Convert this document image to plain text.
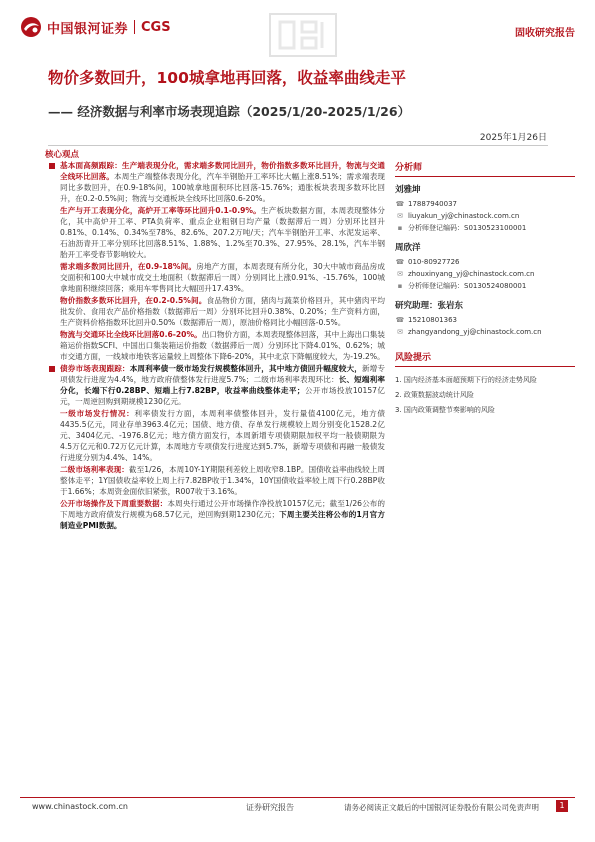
中国银河证券 CGS	固收研究报告
物价多数回升，100城拿地再回落，收益率曲线走平
—— 经济数据与利率市场表现追踪（2025/1/20-2025/1/26）
2025年1月26日
核心观点

基本面高频跟踪：生产端表现分化，需求端多数同比回升，物价指数多数环比回升，物流与交通全线环比回落。本周生产端整体表现分化，汽车半钢胎开工率环比大幅上涨8.51%；需求端表现同比多数回升，在0.9-18%间，100城拿地面积环比回落-15.76%；通胀板块表现多数环比回升，在0.2-0.5%间；物流与交通板块全线环比回落0.6-20%。

生产与开工表现分化，高炉开工率等环比回升0.1-0.9%。生产板块数据方面，本周表现整体分化，其中高炉开工率、PTA负荷率、重点企业粗钢日均产量（数据滞后一周）分别环比回升0.81%、0.14%、0.34%至78%、82.6%、207.2万吨/天；汽车半钢胎开工率、水泥发运率、石油沥青开工率分别环比回落8.51%、1.88%、1.2%至70.3%、27.95%、28.1%，汽车半钢胎开工率受春节影响较大。

需求端多数同比回升，在0.9-18%间。房地产方面，本周表现有所分化，30大中城市商品房成交面积和100大中城市成交土地面积（数据滞后一周）分别同比上涨0.91%、-15.76%，100城拿地面积继续回落；乘用车零售同比大幅回升17.43%。

物价指数多数环比回升，在0.2-0.5%间。食品物价方面，猪肉与蔬菜价格回升，其中猪肉平均批发价、食用农产品价格指数（数据滞后一周）分别环比回升0.38%、0.20%；生产资料方面，生产资料价格指数环比回升0.50%（数据滞后一周），原油价格同比小幅回落-0.5%。

物流与交通环比全线环比回落0.6-20%。出口物价方面，本周表现整体回落，其中上海出口集装箱运价指数SCFI、中国出口集装箱运价指数（数据滞后一周）分别环比下降4.01%、0.62%；城市交通方面，一线城市地铁客运量较上周整体下降6-20%，其中北京下降幅度较大，为-19.2%。

债券市场表现跟踪：本周利率债一级市场发行规模整体回升，其中地方债回升幅度较大，新增专项债发行进度为4.4%，地方政府债整体发行进度5.7%；二级市场利率表现环比：长、短端利率分化，长端下行0.28BP、短端上行7.82BP，收益率曲线整体走平；公开市场投放10157亿元，一周逆回购到期规模1230亿元。

一级市场发行情况：利率债发行方面，本周利率债整体回升，发行量值4100亿元，地方债4435.5亿元，同业存单3963.4亿元；国债、地方债、存单发行规模较上周分别变化1528.2亿元、3404亿元、-1976.8亿元；地方债方面发行，本周新增专项债期限加权平均一般债期限为4.5万亿元和0.72万亿元计算，本周地方专项债发行进度达到5.7%，新增专项债和再融一般债发行进度分别为4.4%、14%。

二级市场利率表现：截至1/26，本周10Y-1Y期限利差较上周收窄8.1BP。国债收益率曲线较上周整体走平；1Y国债收益率较上周上行7.82BP收于1.34%，10Y国债收益率较上周下行0.28BP收于1.66%；本周资金面依旧紧张，R007收于3.16%。

公开市场操作及下周重要数据：本周央行通过公开市场操作净投放10157亿元；截至1/26公布的下周地方政府债发行规模为68.57亿元，逆回购到期1230亿元；下周主要关注将公布的1月官方制造业PMI数据。

分析师
刘雅坤
☎ 17887940037
✉ liuyakun_yj@chinastock.com.cn
▪ 分析师登记编码：S0130523100001
周欣洋
☎ 010-80927726
✉ zhouxinyang_yj@chinastock.com.cn
▪ 分析师登记编码：S0130524080001
研究助理：张岩东
☎ 15210801363
✉ zhangyandong_yj@chinastock.com.cn
风险提示
1. 国内经济基本面超预期下行的经济走势风险
2. 政策数据波动统计风险
3. 国内政策调整节奏影响的风险
www.chinastock.com.cn	证券研究报告	请务必阅读正文最后的中国银河证券股份有限公司免责声明	1
